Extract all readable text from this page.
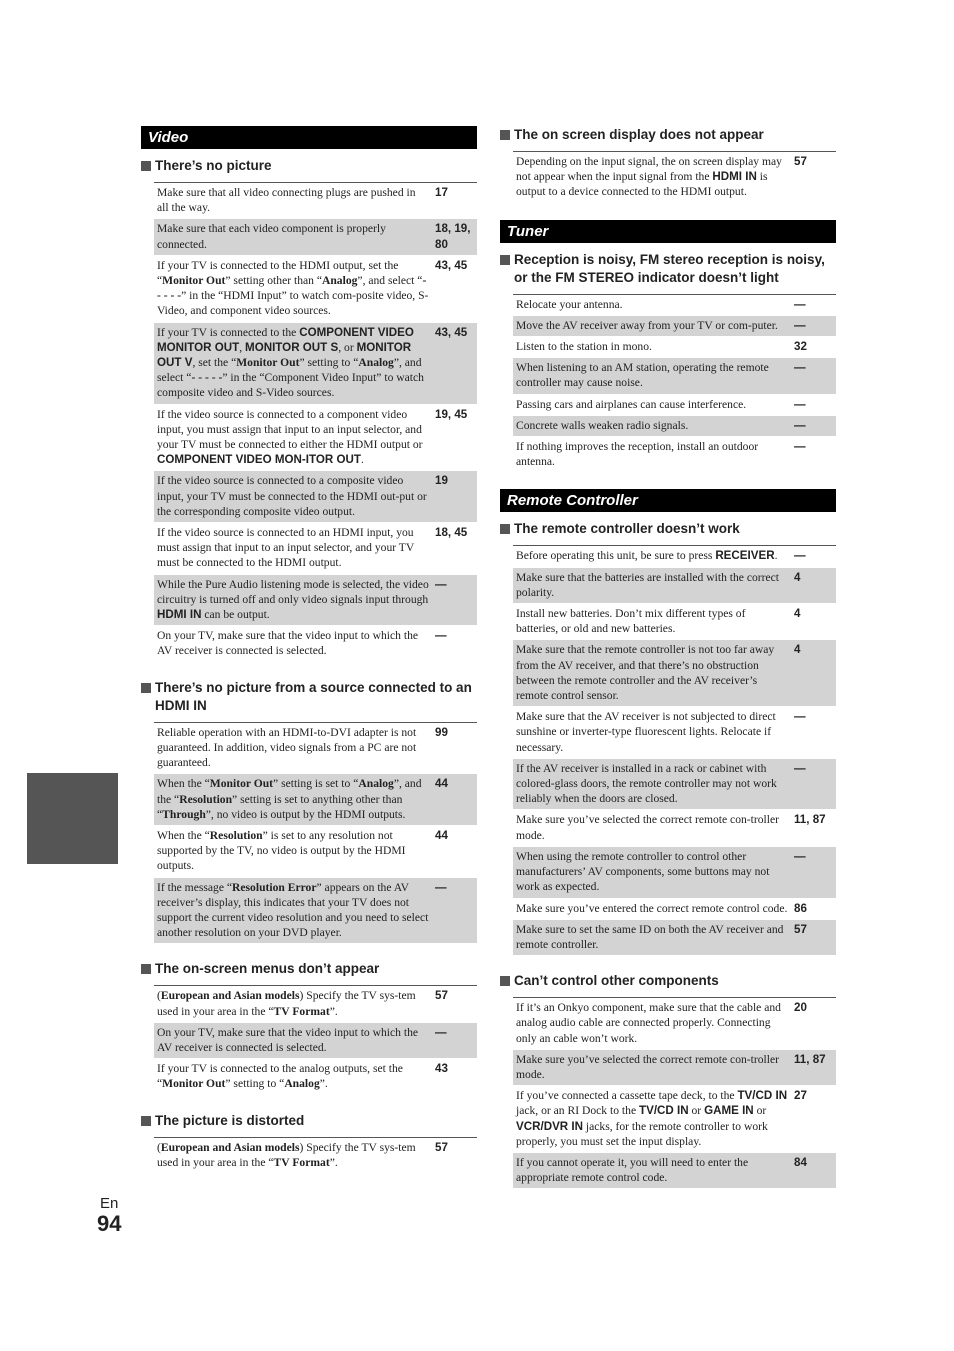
En
94
Video
There’s no picture
Make sure that all video connecting plugs are pushed in all the way.
17
Make sure that each video component is properly connected.
18, 19, 80
If your TV is connected to the HDMI output, set the “Monitor Out” setting other than “Analog”, and select “- - - - -” in the “HDMI Input” to watch com-posite video, S-Video, and component video sources.
43, 45
If your TV is connected to the COMPONENT VIDEO MONITOR OUT, MONITOR OUT S, or MONITOR OUT V, set the “Monitor Out” setting to “Analog”, and select “- - - - -” in the “Component Video Input” to watch composite video and S-Video sources.
43, 45
If the video source is connected to a component video input, you must assign that input to an input selector, and your TV must be connected to either the HDMI output or COMPONENT VIDEO MON-ITOR OUT.
19, 45
If the video source is connected to a composite video input, your TV must be connected to the HDMI out-put or the corresponding composite video output.
19
If the video source is connected to an HDMI input, you must assign that input to an input selector, and your TV must be connected to the HDMI output.
18, 45
While the Pure Audio listening mode is selected, the video circuitry is turned off and only video signals input through HDMI IN can be output.
—
On your TV, make sure that the video input to which the AV receiver is connected is selected.
—
There’s no picture from a source connected to an HDMI IN
Reliable operation with an HDMI-to-DVI adapter is not guaranteed. In addition, video signals from a PC are not guaranteed.
99
When the “Monitor Out” setting is set to “Analog”, and the “Resolution” setting is set to anything other than “Through”, no video is output by the HDMI outputs.
44
When the “Resolution” is set to any resolution not supported by the TV, no video is output by the HDMI outputs.
44
If the message “Resolution Error” appears on the AV receiver’s display, this indicates that your TV does not support the current video resolution and you need to select another resolution on your DVD player.
—
The on-screen menus don’t appear
(European and Asian models) Specify the TV sys-tem used in your area in the “TV Format”.
57
On your TV, make sure that the video input to which the AV receiver is connected is selected.
—
If your TV is connected to the analog outputs, set the “Monitor Out” setting to “Analog”.
43
The picture is distorted
(European and Asian models) Specify the TV sys-tem used in your area in the “TV Format”.
57
The on screen display does not appear
Depending on the input signal, the on screen display may not appear when the input signal from the HDMI IN is output to a device connected to the HDMI output.
57
Tuner
Reception is noisy, FM stereo reception is noisy, or the FM STEREO indicator doesn’t light
Relocate your antenna.	—
Move the AV receiver away from your TV or com-puter.	—
Listen to the station in mono.	32
When listening to an AM station, operating the remote controller may cause noise.
—
Passing cars and airplanes can cause interference.	—
Concrete walls weaken radio signals.	—
If nothing improves the reception, install an outdoor antenna.
—
Remote Controller
The remote controller doesn’t work
Before operating this unit, be sure to press RECEIVER.	—
Make sure that the batteries are installed with the correct polarity.
4
Install new batteries. Don’t mix different types of batteries, or old and new batteries.
4
Make sure that the remote controller is not too far away from the AV receiver, and that there’s no obstruction between the remote controller and the AV receiver’s remote control sensor.
4
Make sure that the AV receiver is not subjected to direct sunshine or inverter-type fluorescent lights. Relocate if necessary.
—
If the AV receiver is installed in a rack or cabinet with colored-glass doors, the remote controller may not work reliably when the doors are closed.
—
Make sure you’ve selected the correct remote con-troller mode.
11, 87
When using the remote controller to control other manufacturers’ AV components, some buttons may not work as expected.
—
Make sure you’ve entered the correct remote control code. 86
Make sure to set the same ID on both the AV receiver and remote controller.
57
Can’t control other components
If it’s an Onkyo component, make sure that the cable and analog audio cable are connected properly. Connecting only an cable won’t work.
20
Make sure you’ve selected the correct remote con-troller mode.
11, 87
If you’ve connected a cassette tape deck, to the TV/CD IN jack, or an RI Dock to the TV/CD IN or GAME IN or VCR/DVR IN jacks, for the remote controller to work properly, you must set the input display.
27
If you cannot operate it, you will need to enter the appropriate remote control code.
84
